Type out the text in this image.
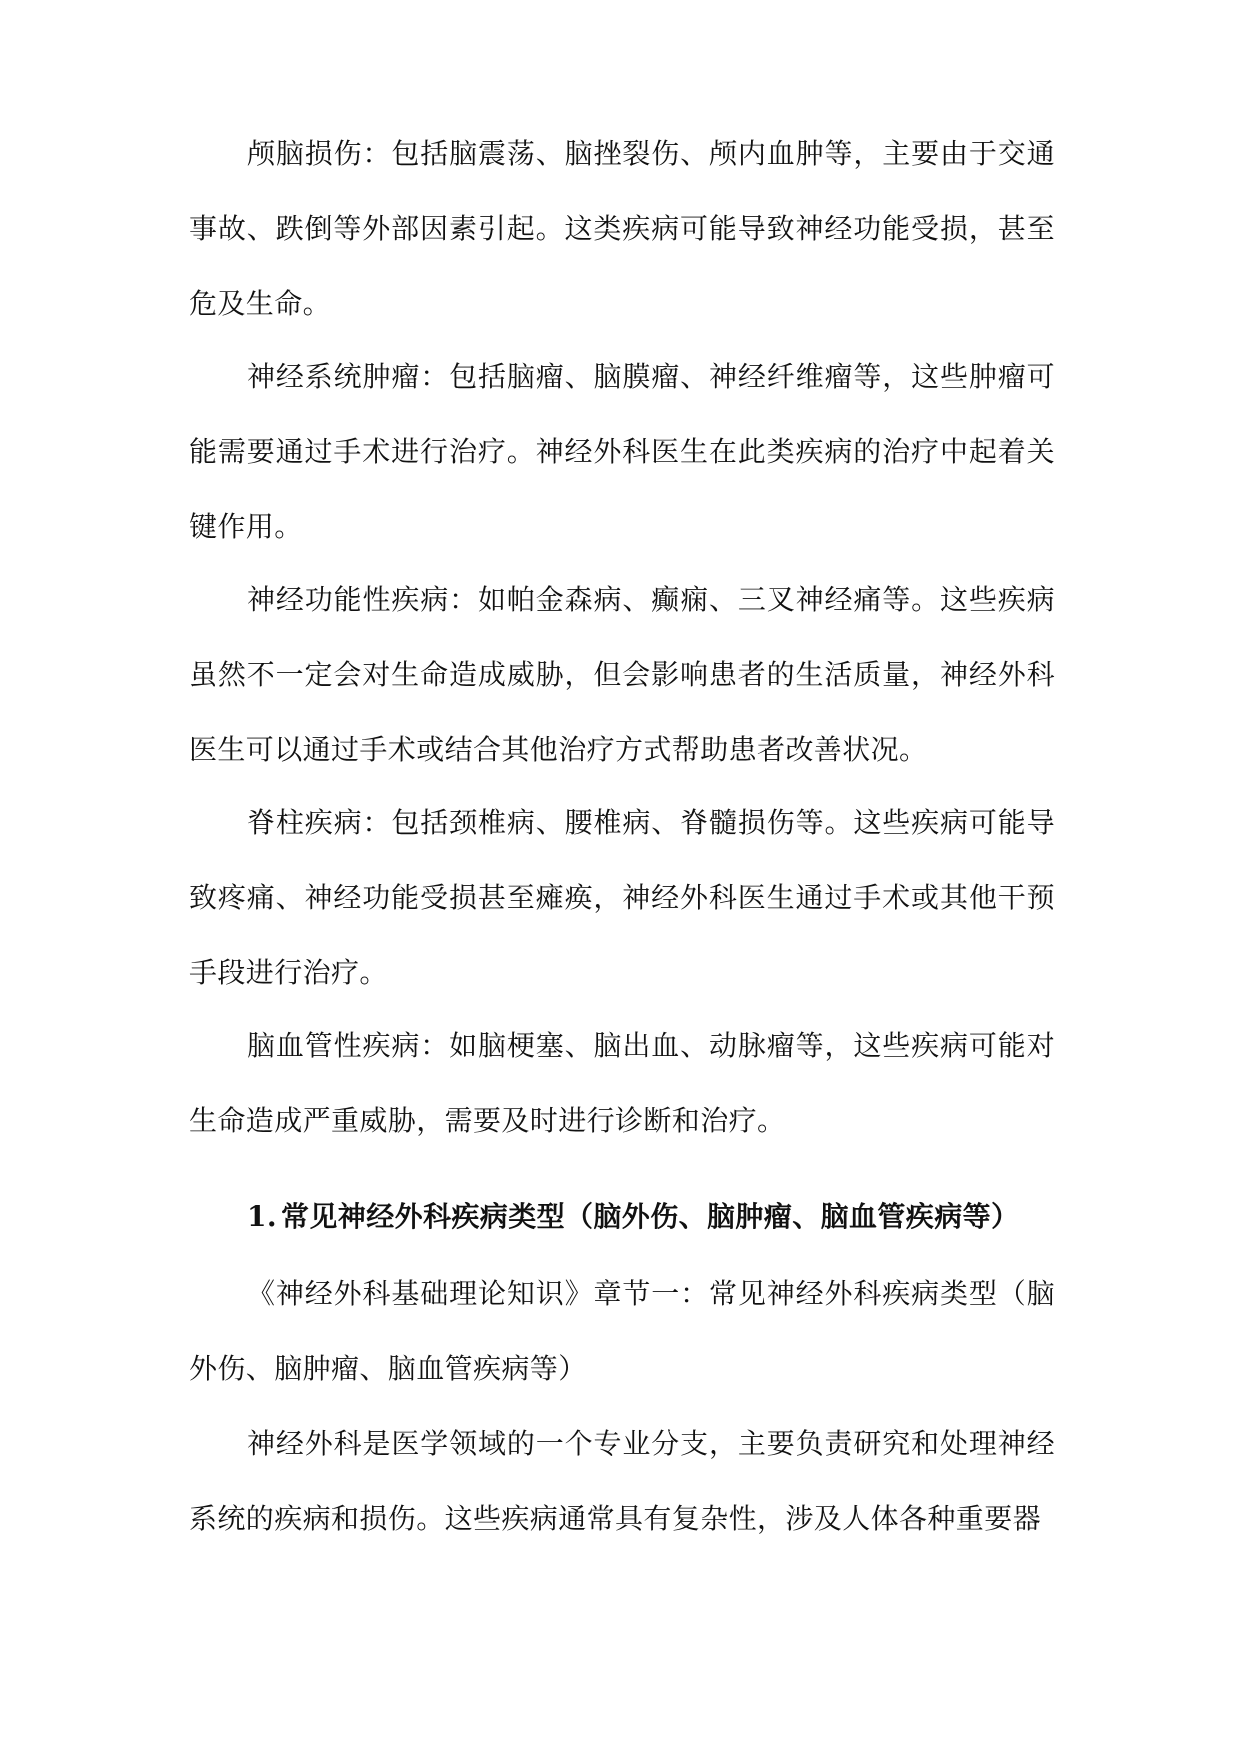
颅脑损伤：包括脑震荡、脑挫裂伤、颅内血肿等，主要由于交通事故、跌倒等外部因素引起。这类疾病可能导致神经功能受损，甚至危及生命。
神经系统肿瘤：包括脑瘤、脑膜瘤、神经纤维瘤等，这些肿瘤可能需要通过手术进行治疗。神经外科医生在此类疾病的治疗中起着关键作用。
神经功能性疾病：如帕金森病、癫痫、三叉神经痛等。这些疾病虽然不一定会对生命造成威胁，但会影响患者的生活质量，神经外科医生可以通过手术或结合其他治疗方式帮助患者改善状况。
脊柱疾病：包括颈椎病、腰椎病、脊髓损伤等。这些疾病可能导致疼痛、神经功能受损甚至瘫痪，神经外科医生通过手术或其他干预手段进行治疗。
脑血管性疾病：如脑梗塞、脑出血、动脉瘤等，这些疾病可能对生命造成严重威胁，需要及时进行诊断和治疗。
1. 常见神经外科疾病类型（脑外伤、脑肿瘤、脑血管疾病等）
《神经外科基础理论知识》章节一：常见神经外科疾病类型（脑外伤、脑肿瘤、脑血管疾病等）
神经外科是医学领域的一个专业分支，主要负责研究和处理神经系统的疾病和损伤。这些疾病通常具有复杂性，涉及人体各种重要器
